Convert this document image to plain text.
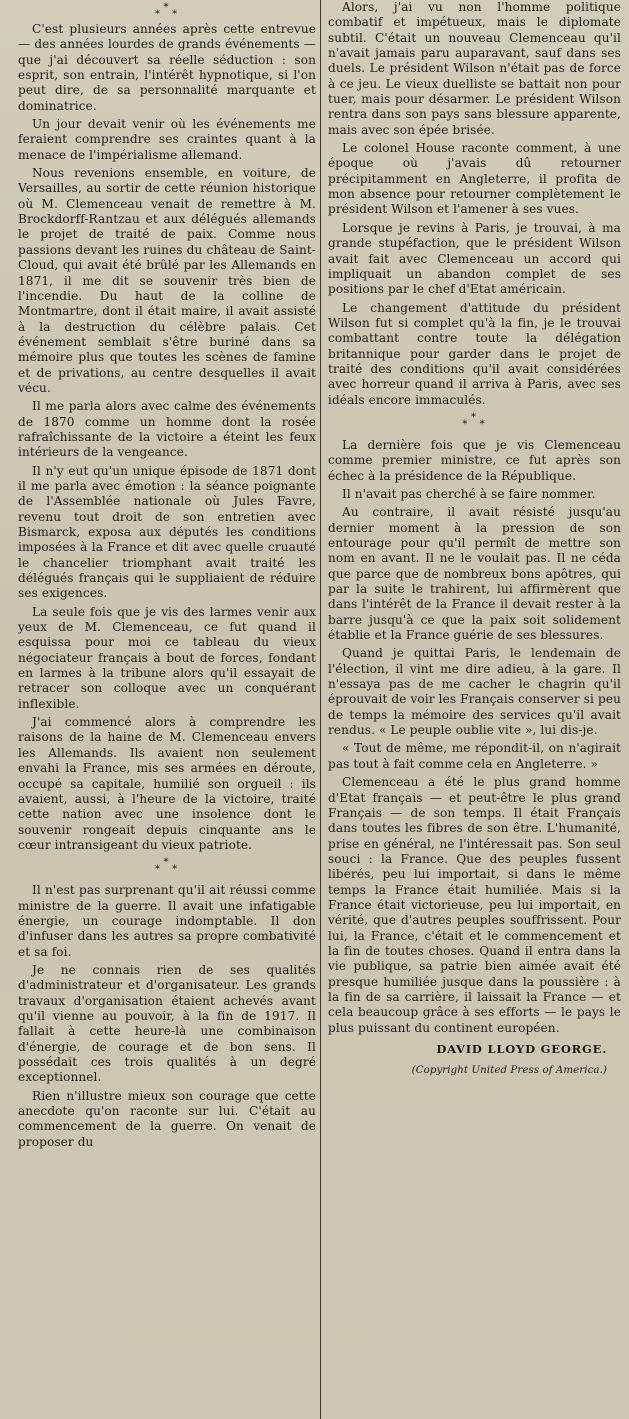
*
*  *

C'est plusieurs années après cette entrevue — des années lourdes de grands événements — que j'ai découvert sa réelle séduction : son esprit, son entrain, l'intérêt hypnotique, si l'on peut dire, de sa personnalité marquante et dominatrice.

Un jour devait venir où les événements me feraient comprendre ses craintes quant à la menace de l'impérialisme allemand.

Nous revenions ensemble, en voiture, de Versailles, au sortir de cette réunion historique où M. Clemenceau venait de remettre à M. Brockdorff-Rantzau et aux délégués allemands le projet de traité de paix. Comme nous passions devant les ruines du château de Saint-Cloud, qui avait été brûlé par les Allemands en 1871, il me dit se souvenir très bien de l'incendie. Du haut de la colline de Montmartre, dont il était maire, il avait assisté à la destruction du célèbre palais. Cet événement semblait s'être buriné dans sa mémoire plus que toutes les scènes de famine et de privations, au centre desquelles il avait vécu.

Il me parla alors avec calme des événements de 1870 comme un homme dont la rosée rafraîchissante de la victoire a éteint les feux intérieurs de la vengeance.

Il n'y eut qu'un unique épisode de 1871 dont il me parla avec émotion : la séance poignante de l'Assemblée nationale où Jules Favre, revenu tout droit de son entretien avec Bismarck, exposa aux députés les conditions imposées à la France et dit avec quelle cruauté le chancelier triomphant avait traité les délégués français qui le suppliaient de réduire ses exigences.

La seule fois que je vis des larmes venir aux yeux de M. Clemenceau, ce fut quand il esquissa pour moi ce tableau du vieux négociateur français à bout de forces, fondant en larmes à la tribune alors qu'il essayait de retracer son colloque avec un conquérant inflexible.

J'ai commencé alors à comprendre les raisons de la haine de M. Clemenceau envers les Allemands. Ils avaient non seulement envahi la France, mis ses armées en déroute, occupé sa capitale, humilié son orgueil : ils avaient, aussi, à l'heure de la victoire, traité cette nation avec une insolence dont le souvenir rongeait depuis cinquante ans le cœur intransigeant du vieux patriote.

*
*  *

Il n'est pas surprenant qu'il ait réussi comme ministre de la guerre. Il avait une infatigable énergie, un courage indomptable. Il don d'infuser dans les autres sa propre combativité et sa foi.

Je ne connais rien de ses qualités d'administrateur et d'organisateur. Les grands travaux d'organisation étaient achevés avant qu'il vienne au pouvoir, à la fin de 1917. Il fallait à cette heure-là une combinaison d'énergie, de courage et de bon sens. Il possédait ces trois qualités à un degré exceptionnel.

Rien n'illustre mieux son courage que cette anecdote qu'on raconte sur lui. C'était au commencement de la guerre. On venait de proposer du

Alors, j'ai vu non l'homme politique combatif et impétueux, mais le diplomate subtil. C'était un nouveau Clemenceau qu'il n'avait jamais paru auparavant, sauf dans ses duels. Le président Wilson n'était pas de force à ce jeu. Le vieux duelliste se battait non pour tuer, mais pour désarmer. Le président Wilson rentra dans son pays sans blessure apparente, mais avec son épée brisée.

Le colonel House raconte comment, à une époque où j'avais dû retourner précipitamment en Angleterre, il profita de mon absence pour retourner complètement le président Wilson et l'amener à ses vues.

Lorsque je revins à Paris, je trouvai, à ma grande stupéfaction, que le président Wilson avait fait avec Clemenceau un accord qui impliquait un abandon complet de ses positions par le chef d'Etat américain.

Le changement d'attitude du président Wilson fut si complet qu'à la fin, je le trouvai combattant contre toute la délégation britannique pour garder dans le projet de traité des conditions qu'il avait considérées avec horreur quand il arriva à Paris, avec ses idéals encore immaculés.

*
*  *

La dernière fois que je vis Clemenceau comme premier ministre, ce fut après son échec à la présidence de la République.

Il n'avait pas cherché à se faire nommer.

Au contraire, il avait résisté jusqu'au dernier moment à la pression de son entourage pour qu'il permît de mettre son nom en avant. Il ne le voulait pas. Il ne céda que parce que de nombreux bons apôtres, qui par la suite le trahirent, lui affirmèrent que dans l'intérêt de la France il devait rester à la barre jusqu'à ce que la paix soit solidement établie et la France guérie de ses blessures.

Quand je quittai Paris, le lendemain de l'élection, il vint me dire adieu, à la gare. Il n'essaya pas de me cacher le chagrin qu'il éprouvait de voir les Français conserver si peu de temps la mémoire des services qu'il avait rendus. « Le peuple oublie vite », lui dis-je.

« Tout de même, me répondit-il, on n'agirait pas tout à fait comme cela en Angleterre. »

Clemenceau a été le plus grand homme d'Etat français — et peut-être le plus grand Français — de son temps. Il était Français dans toutes les fibres de son être. L'humanité, prise en général, ne l'intéressait pas. Son seul souci : la France. Que des peuples fussent libérés, peu lui importait, si dans le même temps la France était humiliée. Mais si la France était victorieuse, peu lui importait, en vérité, que d'autres peuples souffrissent. Pour lui, la France, c'était et le commencement et la fin de toutes choses. Quand il entra dans la vie publique, sa patrie bien aimée avait été presque humiliée jusque dans la poussière : à la fin de sa carrière, il laissait la France — et cela beaucoup grâce à ses efforts — le pays le plus puissant du continent européen.

DAVID LLOYD GEORGE.
(Copyright United Press of America.)
